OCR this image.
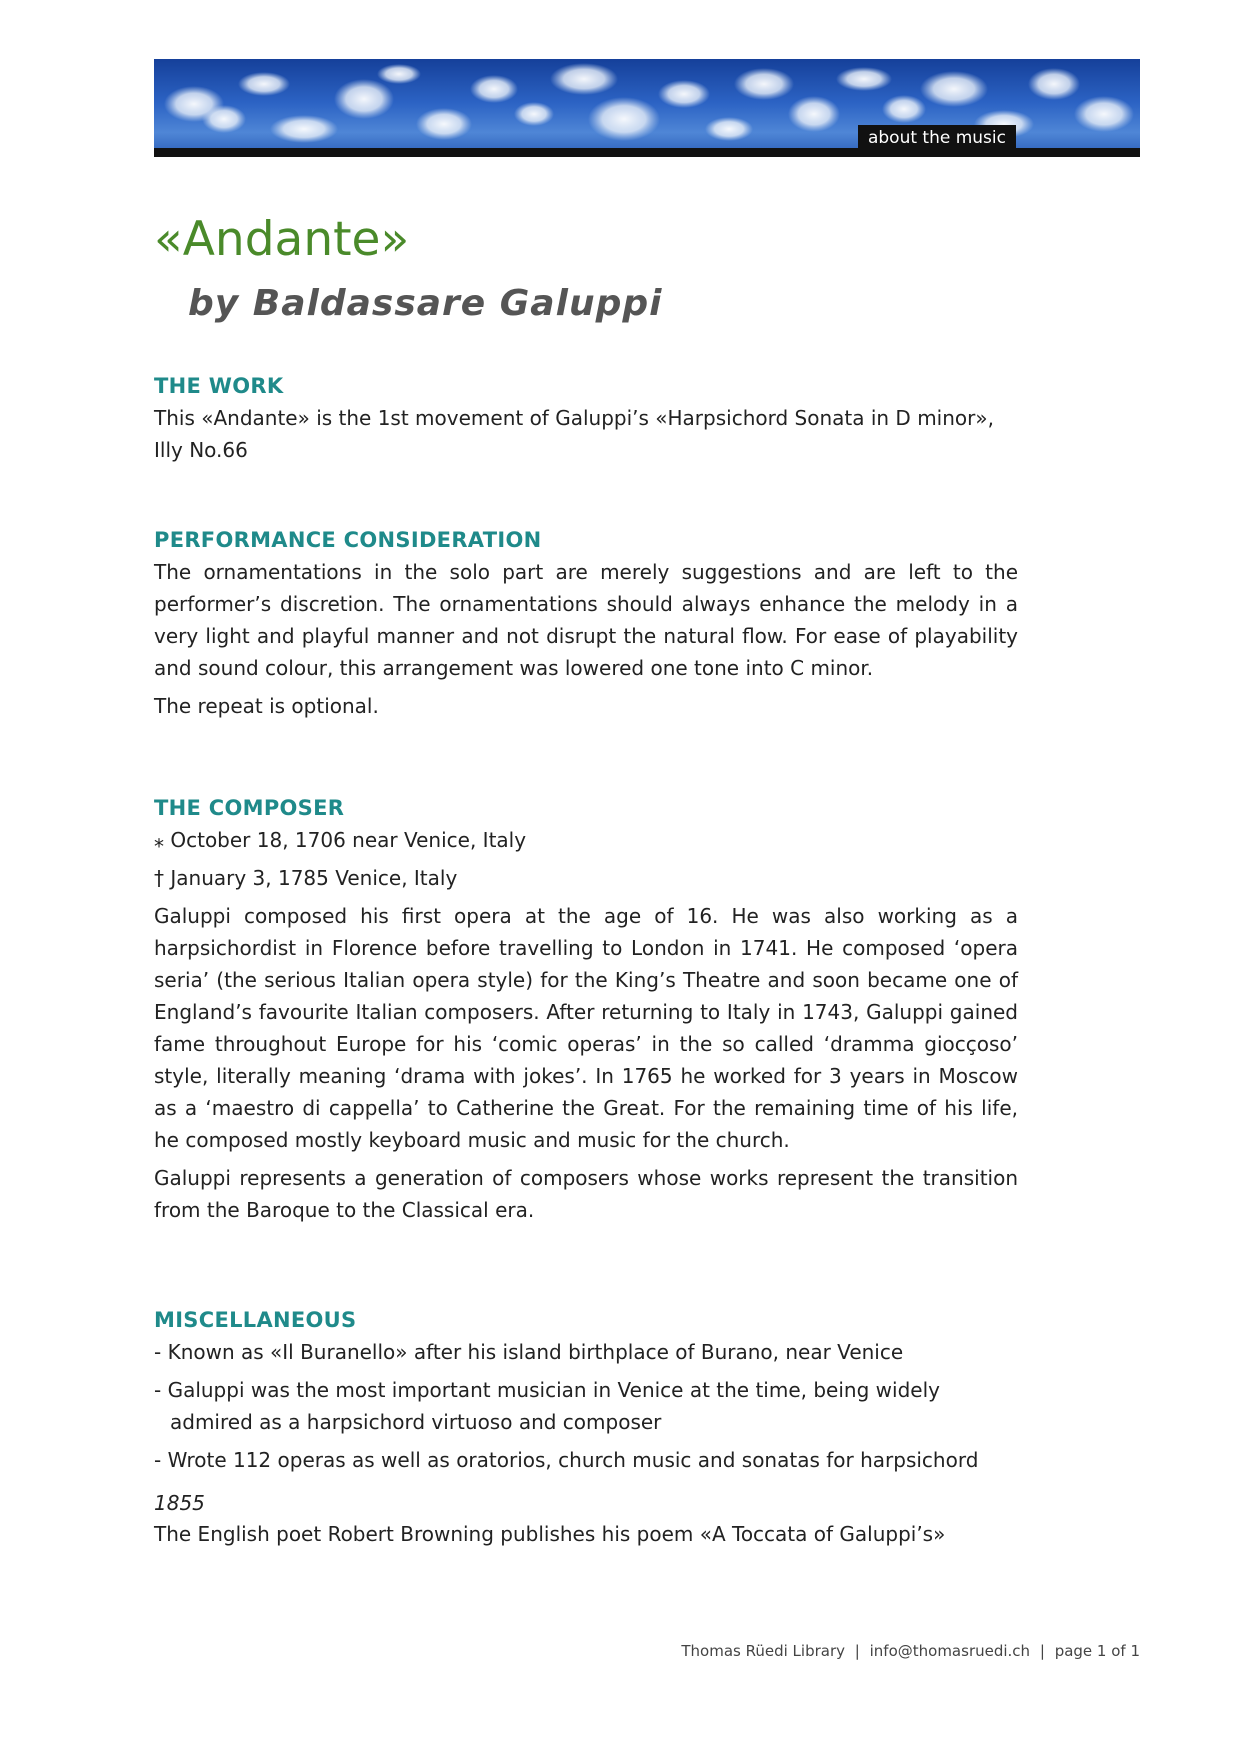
about the music
«Andante»
by Baldassare Galuppi
THE WORK

This «Andante» is the 1st movement of Galuppi’s «Harpsichord Sonata in D minor», Illy No.66

PERFORMANCE CONSIDERATION

The ornamentations in the solo part are merely suggestions and are left to the performer’s discretion. The ornamentations should always enhance the melody in a very light and playful manner and not disrupt the natural flow. For ease of playability and sound colour, this arrangement was lowered one tone into C minor.

The repeat is optional.

THE COMPOSER

⁎ October 18, 1706 near Venice, Italy

† January 3, 1785 Venice, Italy

Galuppi composed his first opera at the age of 16. He was also working as a harpsichordist in Florence before travelling to London in 1741. He composed ‘opera seria’ (the serious Italian opera style) for the King’s Theatre and soon became one of England’s favourite Italian composers. After returning to Italy in 1743, Galuppi gained fame throughout Europe for his ‘comic operas’ in the so called ‘dramma giocçoso’ style, literally meaning ‘drama with jokes’. In 1765 he worked for 3 years in Moscow as a ‘maestro di cappella’ to Catherine the Great. For the remaining time of his life, he composed mostly keyboard music and music for the church.

Galuppi represents a generation of composers whose works represent the transition from the Baroque to the Classical era.

MISCELLANEOUS

- Known as «Il Buranello» after his island birthplace of Burano, near Venice

- Galuppi was the most important musician in Venice at the time, being widely admired as a harpsichord virtuoso and composer

- Wrote 112 operas as well as oratorios, church music and sonatas for harpsichord

1855

The English poet Robert Browning publishes his poem «A Toccata of Galuppi’s»

Thomas Rüedi Library | info@thomasruedi.ch | page 1 of 1
